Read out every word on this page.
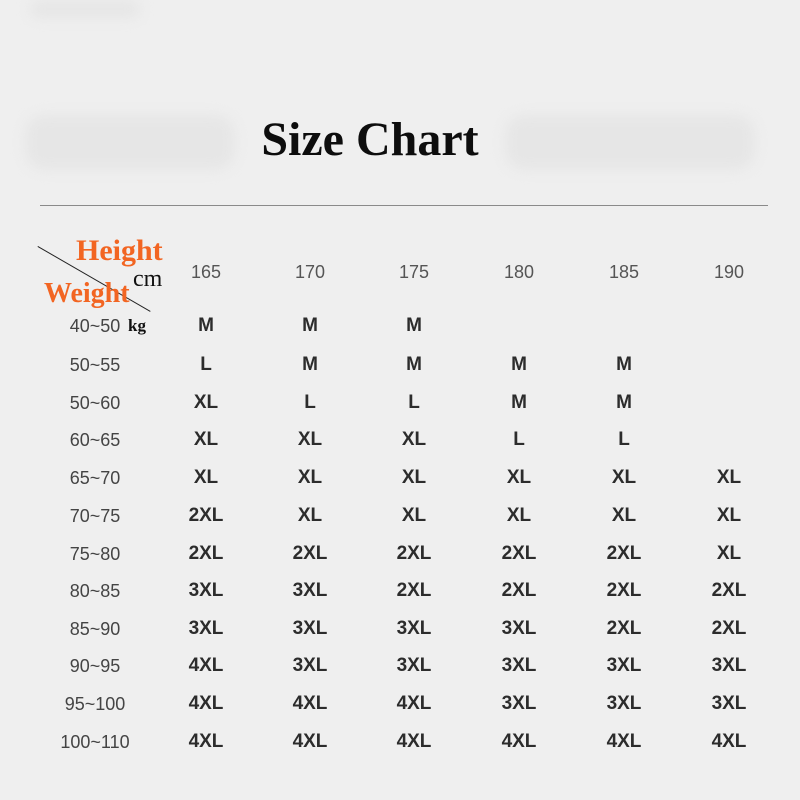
Size Chart
Height
cm
Weight
kg
165	170	175	180	185	190
40~50	M	M	M
50~55	L	M	M	M	M
50~60	XL	L	L	M	M
60~65	XL	XL	XL	L	L
65~70	XL	XL	XL	XL	XL	XL
70~75	2XL	XL	XL	XL	XL	XL
75~80	2XL	2XL	2XL	2XL	2XL	XL
80~85	3XL	3XL	2XL	2XL	2XL	2XL
85~90	3XL	3XL	3XL	3XL	2XL	2XL
90~95	4XL	3XL	3XL	3XL	3XL	3XL
95~100	4XL	4XL	4XL	3XL	3XL	3XL
100~110	4XL	4XL	4XL	4XL	4XL	4XL
